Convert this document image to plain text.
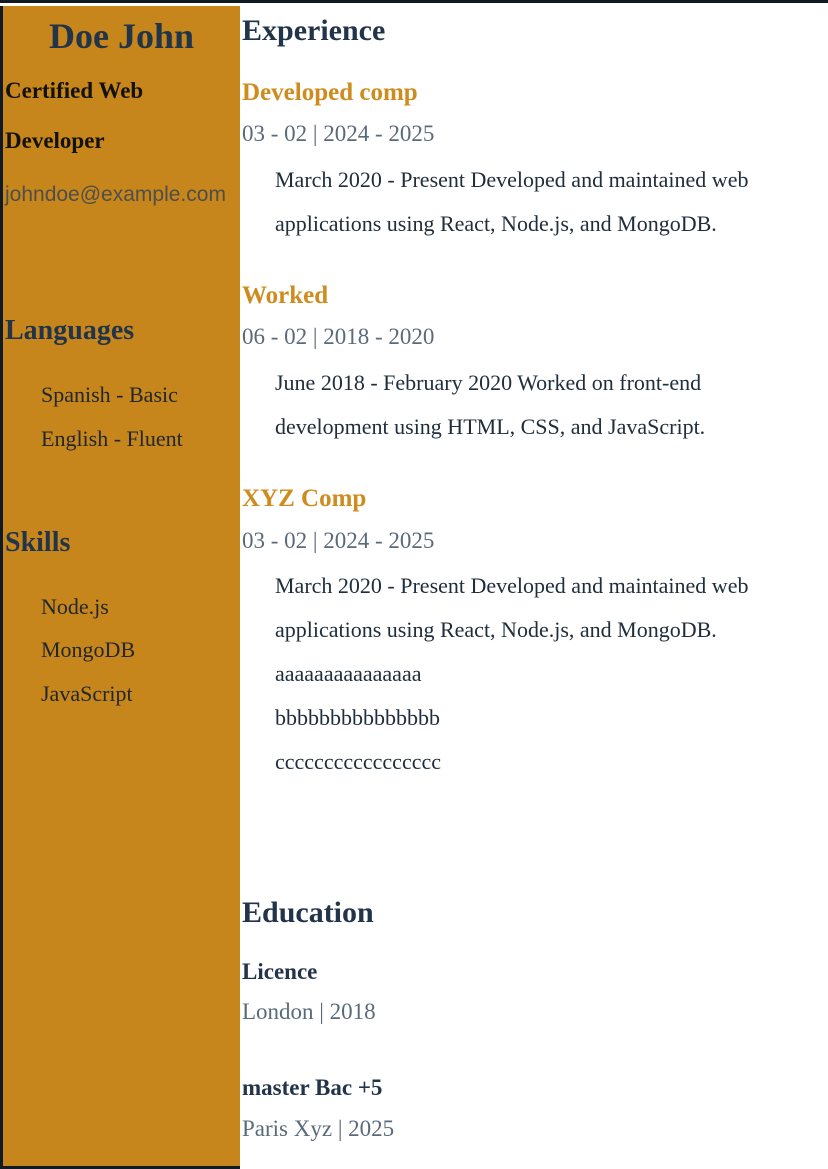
Doe John
Certified Web Developer

johndoe@example.com

Languages
Spanish - Basic
English - Fluent
Skills
Node.js
MongoDB
JavaScript
Experience
Developed comp

03 - 02 | 2024 - 2025

March 2020 - Present Developed and maintained web applications using React, Node.js, and MongoDB.
Worked

06 - 02 | 2018 - 2020

June 2018 - February 2020 Worked on front-end development using HTML, CSS, and JavaScript.
XYZ Comp

03 - 02 | 2024 - 2025

March 2020 - Present Developed and maintained web applications using React, Node.js, and MongoDB.
aaaaaaaaaaaaaaa
bbbbbbbbbbbbbbb
ccccccccccccccccc
Education
Licence

London | 2018

master Bac +5

Paris Xyz | 2025
